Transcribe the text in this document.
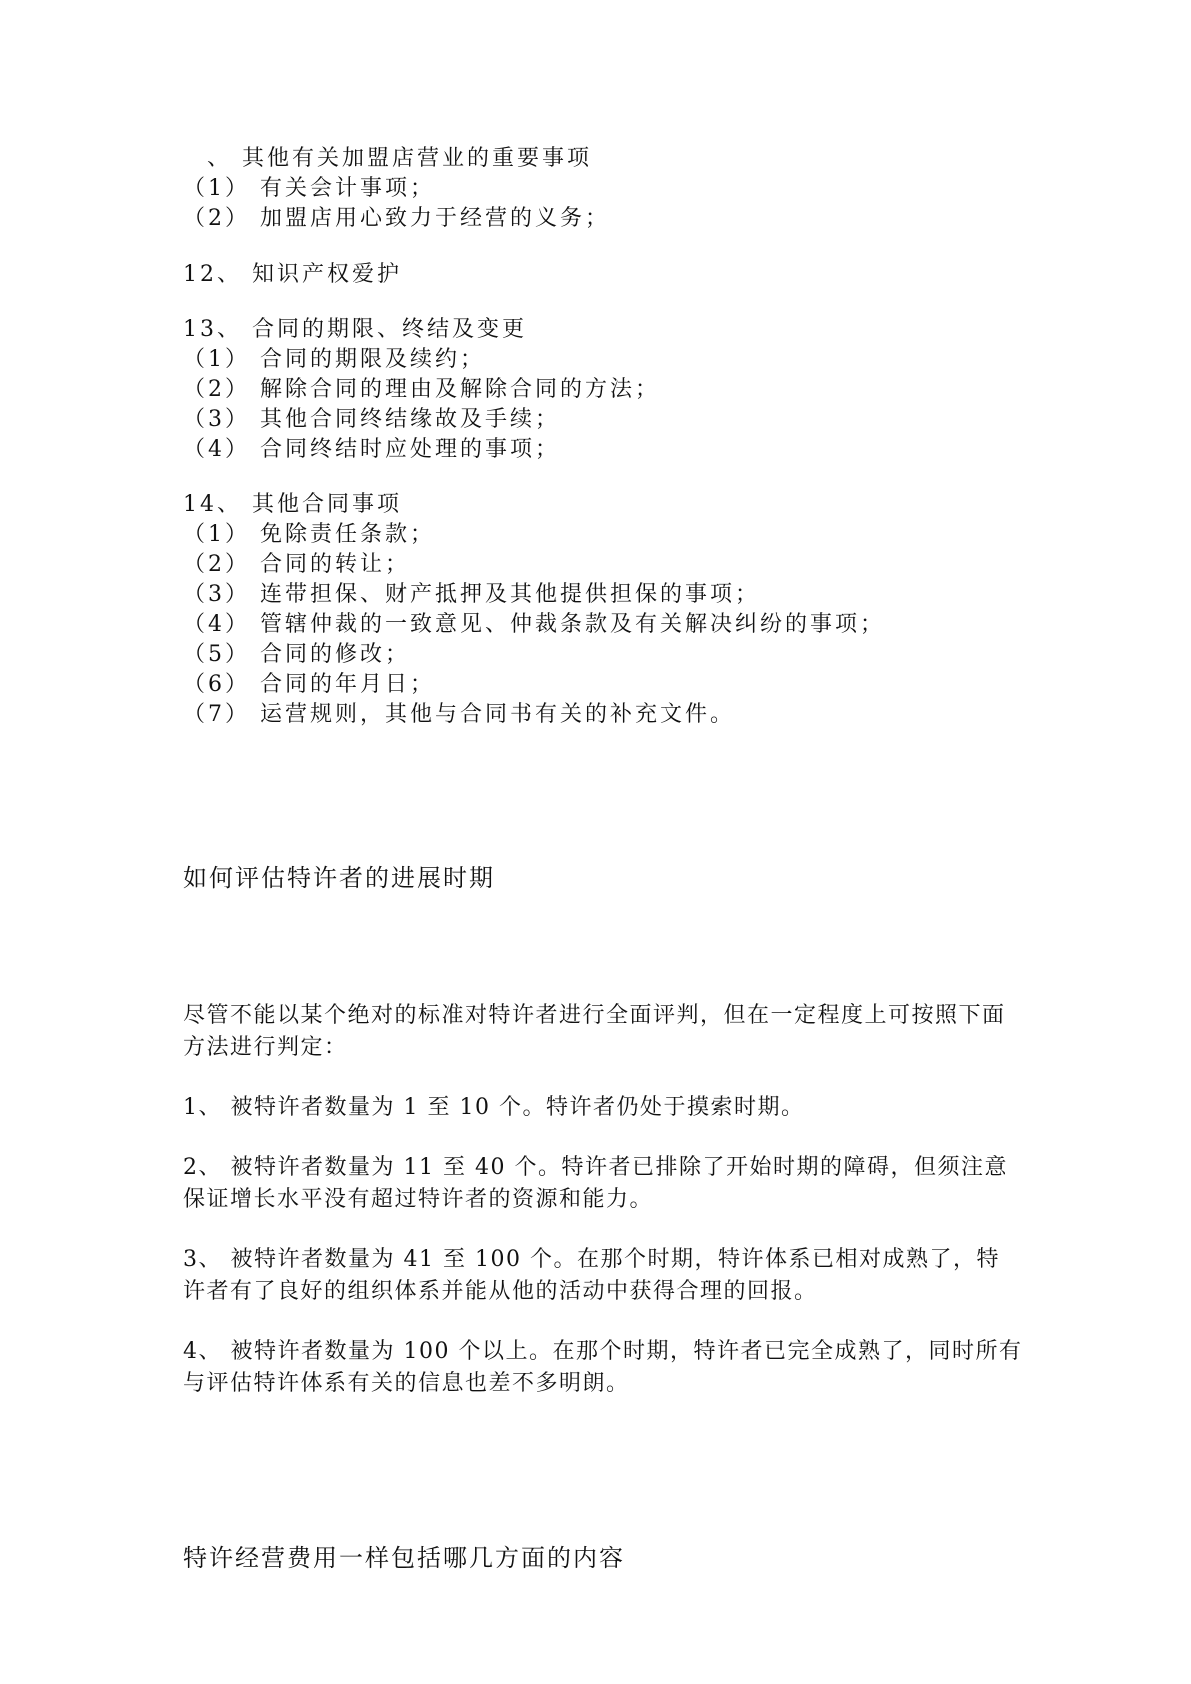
、 其他有关加盟店营业的重要事项
（1） 有关会计事项；
（2） 加盟店用心致力于经营的义务；
12、 知识产权爱护
13、 合同的期限、终结及变更
（1） 合同的期限及续约；
（2） 解除合同的理由及解除合同的方法；
（3） 其他合同终结缘故及手续；
（4） 合同终结时应处理的事项；
14、 其他合同事项
（1） 免除责任条款；
（2） 合同的转让；
（3） 连带担保、财产抵押及其他提供担保的事项；
（4） 管辖仲裁的一致意见、仲裁条款及有关解决纠纷的事项；
（5） 合同的修改；
（6） 合同的年月日；
（7） 运营规则，其他与合同书有关的补充文件。
如何评估特许者的进展时期
尽管不能以某个绝对的标准对特许者进行全面评判，但在一定程度上可按照下面方法进行判定：
1、 被特许者数量为 1 至 10 个。特许者仍处于摸索时期。
2、 被特许者数量为 11 至 40 个。特许者已排除了开始时期的障碍，但须注意保证增长水平没有超过特许者的资源和能力。
3、 被特许者数量为 41 至 100 个。在那个时期，特许体系已相对成熟了，特许者有了良好的组织体系并能从他的活动中获得合理的回报。
4、 被特许者数量为 100 个以上。在那个时期，特许者已完全成熟了，同时所有与评估特许体系有关的信息也差不多明朗。
特许经营费用一样包括哪几方面的内容
